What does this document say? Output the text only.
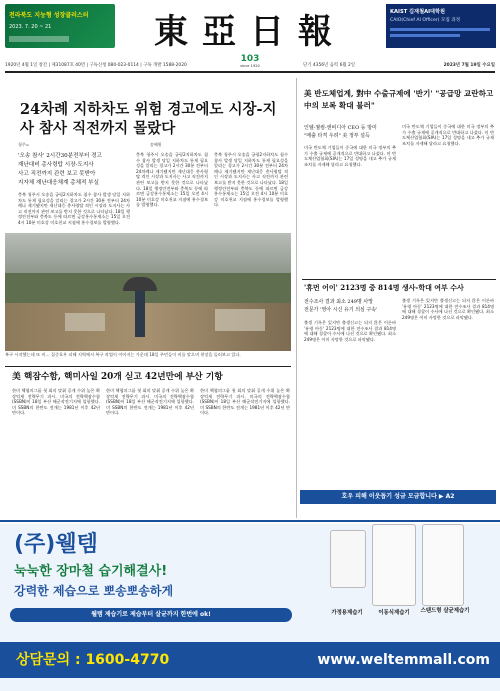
전라북도 지능형 성장클러스터
2023. 7. 20 ~ 21	東亞日報
103
since 1920
KAIST 김재철AI대학원
CAIO(Chief AI Officer) 모집 과정
1920년 4월 1일 창간 | 제31087호 40면 | 구독신청 080-023-0114 | 구독 개발 1588-2020	단기 4356년 음력 6월 2일	2023년 7월 19일 수요일
24차례 지하차도 위험 경고에도 시장-지사 참사 직전까지 몰랐다
청주=	송혜원
'오송 참사' 2시간30분전부터 경고
재난대비 총사령탑 시장-도지사
사고 직전까지 관련 보고 못받아
지자체 재난대응체계 총체적 부실
충북 청주시 오송읍 궁평2지하차도 침수 참사 발생 당일 지하차도 통제 필요성을 알리는 경고가 2시간 30분 전부터 24차례나 제기됐지만 재난대응 총사령탑 격인 시장과 도지사는 사고 직전까지 관련 보고를 받지 못한 것으로 나타났다. 18일 행정안전부와 충북도 등에 따르면 금강홍수통제소는 15일 오전 4시 10분 미호강 미호천교 지점에 홍수경보를 발령했다.
충북 청주시 오송읍 궁평2지하차도 침수 참사 발생 당일 지하차도 통제 필요성을 알리는 경고가 2시간 30분 전부터 24차례나 제기됐지만 재난대응 총사령탑 격인 시장과 도지사는 사고 직전까지 관련 보고를 받지 못한 것으로 나타났다. 18일 행정안전부와 충북도 등에 따르면 금강홍수통제소는 15일 오전 4시 10분 미호강 미호천교 지점에 홍수경보를 발령했다.
충북 청주시 오송읍 궁평2지하차도 침수 참사 발생 당일 지하차도 통제 필요성을 알리는 경고가 2시간 30분 전부터 24차례나 제기됐지만 재난대응 총사령탑 격인 시장과 도지사는 사고 직전까지 관련 보고를 받지 못한 것으로 나타났다. 18일 행정안전부와 충북도 등에 따르면 금강홍수통제소는 15일 오전 4시 10분 미호강 미호천교 지점에 홍수경보를 발령했다.
복구 시작했는데 또 비… 집중호우 피해 지역에서 복구 작업이 이어지는 가운데 18일 주민들이 비를 맞으며 현장을 둘러보고 있다.
美 핵잠수함, 핵미사일 20개 싣고 42년만에 부산 기항
한미 핵협의그룹 첫 회의 맞춰 공개 수위 높은 확장억제 전략무기 과시. 미국의 전략핵잠수함(SSBN)이 18일 부산 해군작전기지에 입항했다. 미 SSBN의 한반도 전개는 1981년 이후 42년 만이다.
한미 핵협의그룹 첫 회의 맞춰 공개 수위 높은 확장억제 전략무기 과시. 미국의 전략핵잠수함(SSBN)이 18일 부산 해군작전기지에 입항했다. 미 SSBN의 한반도 전개는 1981년 이후 42년 만이다.
한미 핵협의그룹 첫 회의 맞춰 공개 수위 높은 확장억제 전략무기 과시. 미국의 전략핵잠수함(SSBN)이 18일 부산 해군작전기지에 입항했다. 미 SSBN의 한반도 전개는 1981년 이후 42년 만이다.
美 반도체업계, 對中 수출규제에 '반기' "공급망 교란하고 中의 보복 확대 불러"
인텔-퀄컴-엔비디아 CEO 등 방미
"매출 타격 우려" 美 정부 설득
미국 반도체 기업들이 중국에 대한 미국 정부의 추가 수출 규제에 공개적으로 반대하고 나섰다. 미 반도체산업협회(SIA)는 17일 성명을 내고 추가 규제 조치를 자제해 달라고 요청했다.
미국 반도체 기업들이 중국에 대한 미국 정부의 추가 수출 규제에 공개적으로 반대하고 나섰다. 미 반도체산업협회(SIA)는 17일 성명을 내고 추가 규제 조치를 자제해 달라고 요청했다.
'휴먼 어이' 2123명 중 814명 생사-학대 여부 수사
전수조사 결과 최소 249명 사망
전문가 '영아 시신 유기 의심 구속'
출생 기록은 있지만 출생신고는 되지 않은 이른바 '유령 아동' 2123명에 대한 전수조사 결과 814명에 대해 경찰이 수사에 나선 것으로 확인됐다. 최소 249명은 이미 사망한 것으로 파악됐다.
출생 기록은 있지만 출생신고는 되지 않은 이른바 '유령 아동' 2123명에 대한 전수조사 결과 814명에 대해 경찰이 수사에 나선 것으로 확인됐다. 최소 249명은 이미 사망한 것으로 파악됐다.
호우 피해 이웃돕기 성금 모금합니다 ▶ A2
(주)웰템
눅눅한 장마철 습기해결사!
강력한 제습으로 뽀송뽀송하게
웰템 제습기로 제습부터 살균까지 한번에 ok!	가정용제습기	이동식제습기	스탠드형 살균제습기
상담문의 : 1600-4770	www.weltemmall.com
